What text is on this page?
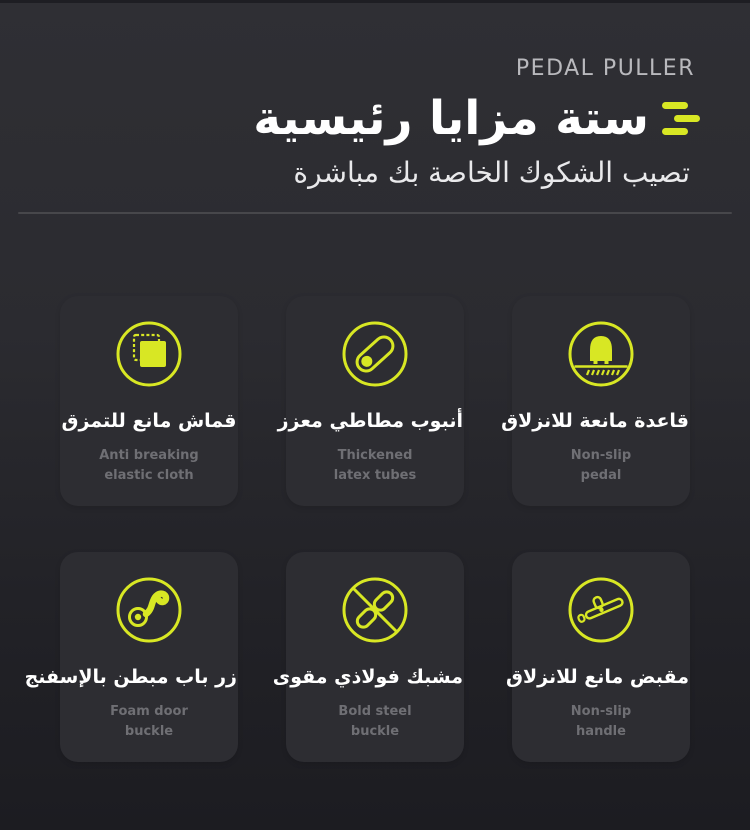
PEDAL PULLER
ستة مزايا رئيسية
تصيب الشكوك الخاصة بك مباشرة
قماش مانع للتمزق

Anti breaking
elastic cloth

أنبوب مطاطي معزز

Thickened
latex tubes

قاعدة مانعة للانزلاق

Non-slip
pedal

زر باب مبطن بالإسفنج

Foam door
buckle

مشبك فولاذي مقوى

Bold steel
buckle

مقبض مانع للانزلاق

Non-slip
handle
